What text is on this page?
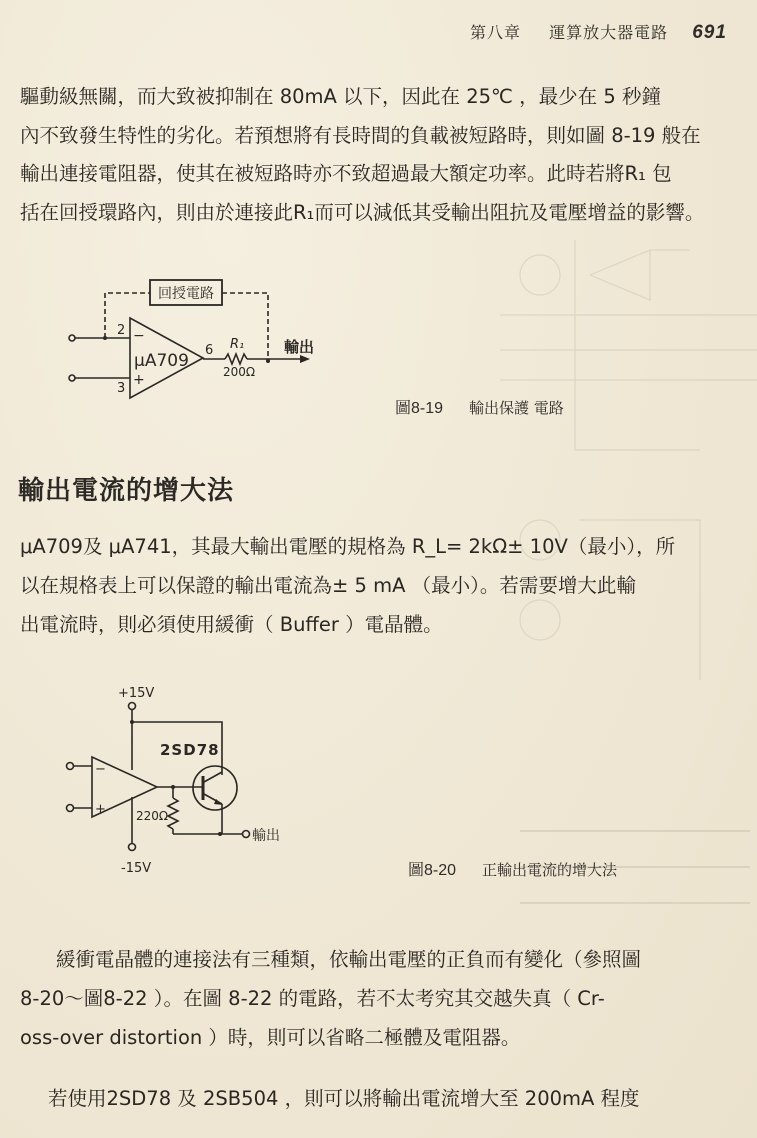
第八章 運算放大器電路 691
驅動級無關，而大致被抑制在 80mA 以下，因此在 25℃ ，最少在 5 秒鐘
內不致發生特性的劣化。若預想將有長時間的負載被短路時，則如圖 8-19 般在
輸出連接電阻器，使其在被短路時亦不致超過最大額定功率。此時若將R₁ 包
括在回授環路內，則由於連接此R₁而可以減低其受輸出阻抗及電壓增益的影響。
回授電路
2
3
−
+
μA709
6 R₁
200Ω
輸出
圖8-19 輸出保護 電路
輸出電流的增大法
μA709及 μA741，其最大輸出電壓的規格為 R_L= 2kΩ± 10V（最小），所
以在規格表上可以保證的輸出電流為± 5 mA （最小）。若需要增大此輸
出電流時，則必須使用緩衝（ Buffer ）電晶體。
+15V
-15V
2SD78
−
+	220Ω
輸出
圖8-20 正輸出電流的增大法
緩衝電晶體的連接法有三種類，依輸出電壓的正負而有變化（參照圖
8-20～圖8-22 ）。在圖 8-22 的電路，若不太考究其交越失真（ Cr-
oss-over distortion ）時，則可以省略二極體及電阻器。
若使用2SD78 及 2SB504 ，則可以將輸出電流增大至 200mA 程度
